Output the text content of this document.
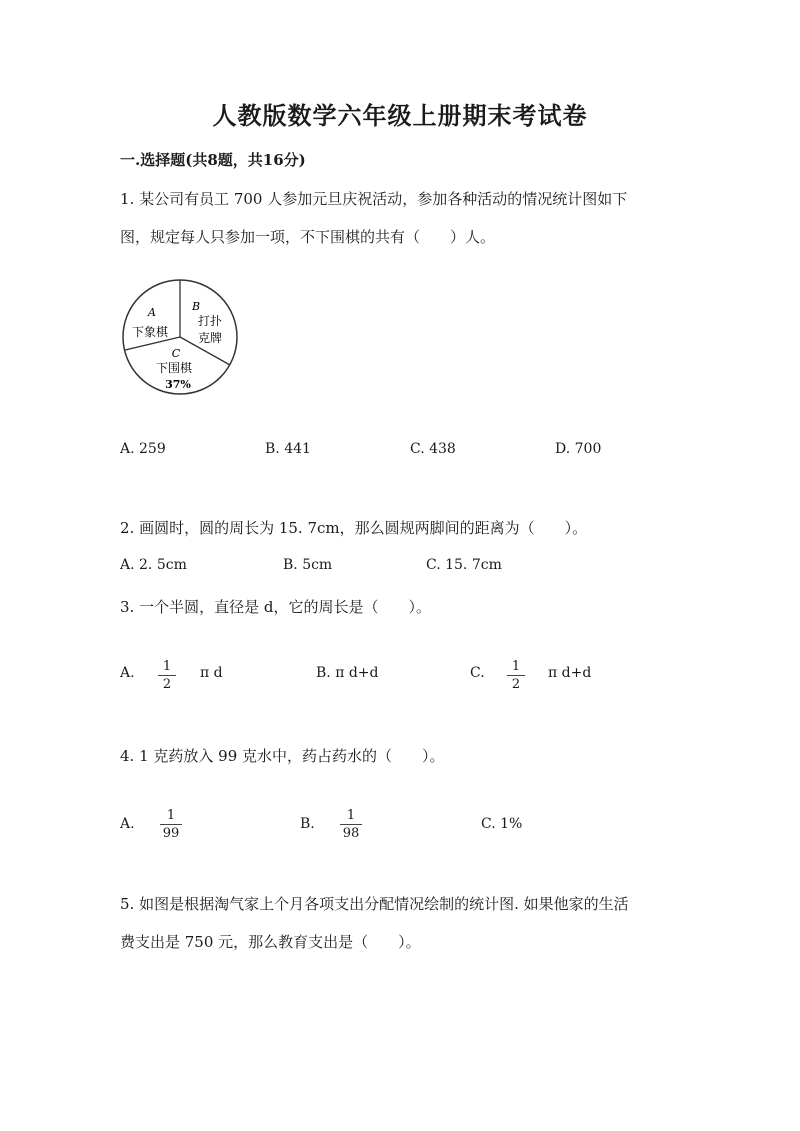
人教版数学六年级上册期末考试卷
一.选择题(共8题，共16分)
1. 某公司有员工 700 人参加元旦庆祝活动，参加各种活动的情况统计图如下
图，规定每人只参加一项，不下围棋的共有（　　）人。
A
下象棋
B
打扑
克牌
C
下围棋
37%
A. 259	B. 441	C. 438	D. 700
2. 画圆时，圆的周长为 15. 7cm，那么圆规两脚间的距离为（　　）。
A. 2. 5cm	B. 5cm	C. 15. 7cm
3. 一个半圆，直径是 d，它的周长是（　　）。
A.	1
2
π d	B. π d+d	C.	1
2
π d+d
4. 1 克药放入 99 克水中，药占药水的（　　）。
A.
1
99
B.
1
98
C. 1%
5. 如图是根据淘气家上个月各项支出分配情况绘制的统计图. 如果他家的生活
费支出是 750 元，那么教育支出是（　　）。
